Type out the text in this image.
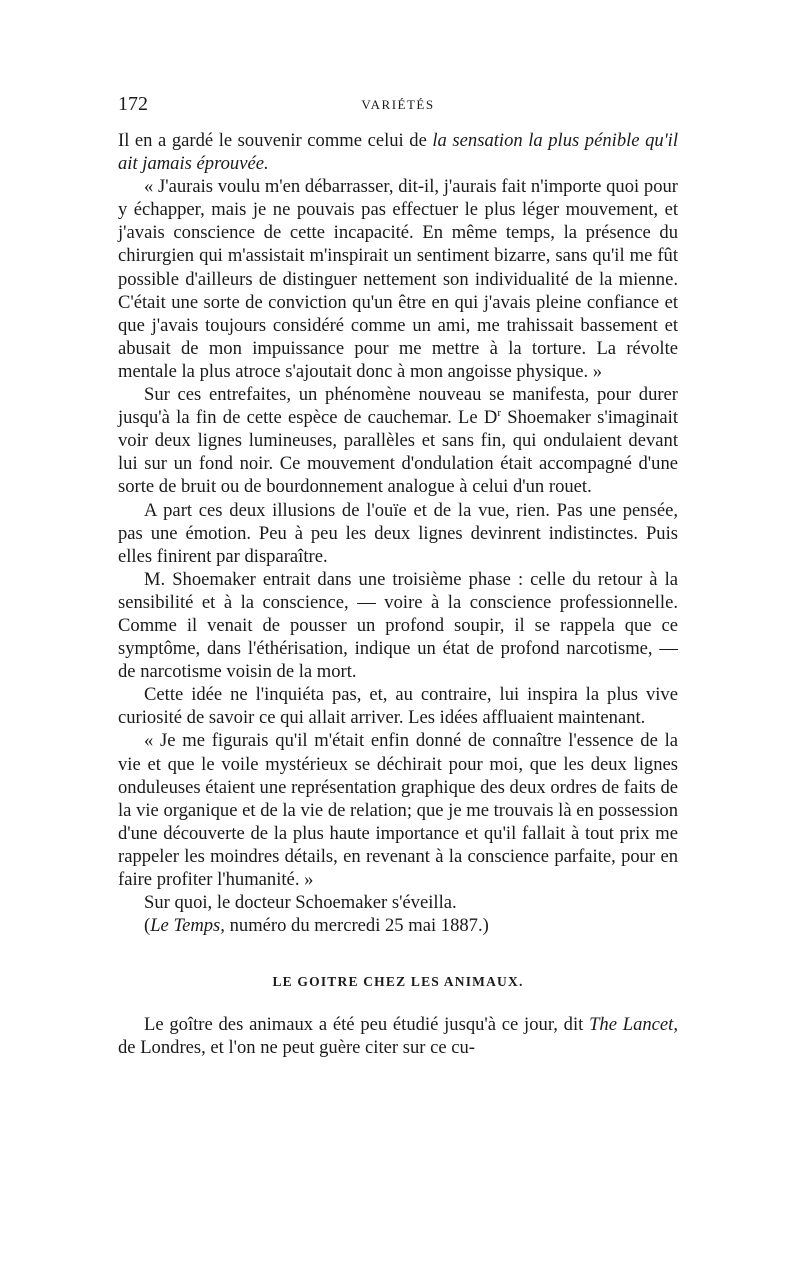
172	VARIÉTÉS

Il en a gardé le souvenir comme celui de la sensation la plus pénible qu'il ait jamais éprouvée.

« J'aurais voulu m'en débarrasser, dit-il, j'aurais fait n'importe quoi pour y échapper, mais je ne pouvais pas effectuer le plus léger mouvement, et j'avais conscience de cette incapacité. En même temps, la présence du chirurgien qui m'assistait m'inspirait un sentiment bizarre, sans qu'il me fût possible d'ailleurs de distinguer nettement son individualité de la mienne. C'était une sorte de conviction qu'un être en qui j'avais pleine confiance et que j'avais toujours considéré comme un ami, me trahissait bassement et abusait de mon impuissance pour me mettre à la torture. La révolte mentale la plus atroce s'ajoutait donc à mon angoisse physique. »

Sur ces entrefaites, un phénomène nouveau se manifesta, pour durer jusqu'à la fin de cette espèce de cauchemar. Le $D^r$ Shoemaker s'imaginait voir deux lignes lumineuses, parallèles et sans fin, qui ondulaient devant lui sur un fond noir. Ce mouvement d'ondulation était accompagné d'une sorte de bruit ou de bourdonnement analogue à celui d'un rouet.

A part ces deux illusions de l'ouïe et de la vue, rien. Pas une pensée, pas une émotion. Peu à peu les deux lignes devinrent indistinctes. Puis elles finirent par disparaître.

M. Shoemaker entrait dans une troisième phase : celle du retour à la sensibilité et à la conscience, — voire à la conscience professionnelle. Comme il venait de pousser un profond soupir, il se rappela que ce symptôme, dans l'éthérisation, indique un état de profond narcotisme, — de narcotisme voisin de la mort.

Cette idée ne l'inquiéta pas, et, au contraire, lui inspira la plus vive curiosité de savoir ce qui allait arriver. Les idées affluaient maintenant.

« Je me figurais qu'il m'était enfin donné de connaître l'essence de la vie et que le voile mystérieux se déchirait pour moi, que les deux lignes onduleuses étaient une représentation graphique des deux ordres de faits de la vie organique et de la vie de relation; que je me trouvais là en possession d'une découverte de la plus haute importance et qu'il fallait à tout prix me rappeler les moindres détails, en revenant à la conscience parfaite, pour en faire profiter l'humanité. »

Sur quoi, le docteur Schoemaker s'éveilla.

(Le Temps, numéro du mercredi 25 mai 1887.)

LE GOITRE CHEZ LES ANIMAUX.

Le goître des animaux a été peu étudié jusqu'à ce jour, dit The Lancet, de Londres, et l'on ne peut guère citer sur ce cu-
